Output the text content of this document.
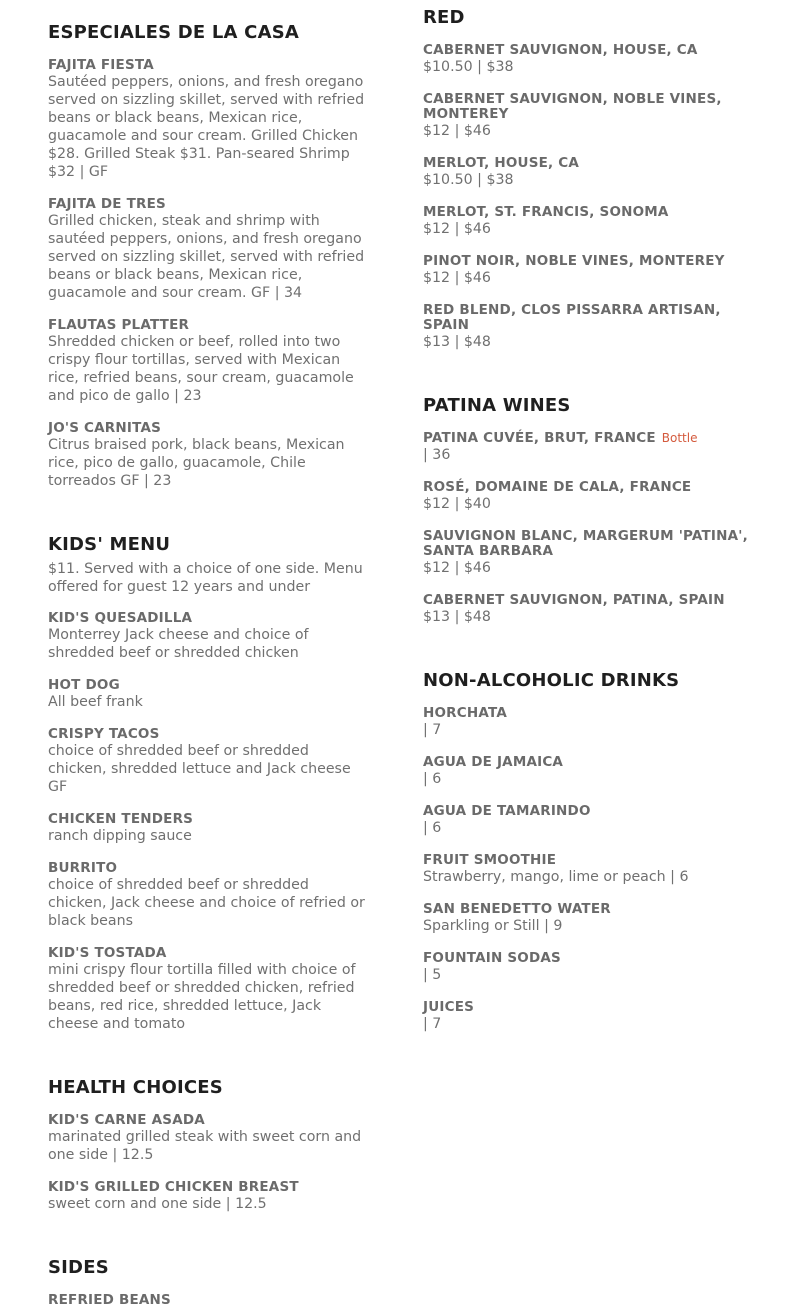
ESPECIALES DE LA CASA
FAJITA FIESTA
Sautéed peppers, onions, and fresh oregano served on sizzling skillet, served with refried beans or black beans, Mexican rice, guacamole and sour cream. Grilled Chicken $28. Grilled Steak $31. Pan-seared Shrimp $32 | GF
FAJITA DE TRES
Grilled chicken, steak and shrimp with sautéed peppers, onions, and fresh oregano served on sizzling skillet, served with refried beans or black beans, Mexican rice, guacamole and sour cream. GF | 34
FLAUTAS PLATTER
Shredded chicken or beef, rolled into two crispy flour tortillas, served with Mexican rice, refried beans, sour cream, guacamole and pico de gallo | 23
JO'S CARNITAS
Citrus braised pork, black beans, Mexican rice, pico de gallo, guacamole, Chile torreados GF | 23
KIDS' MENU
$11. Served with a choice of one side. Menu offered for guest 12 years and under
KID'S QUESADILLA
Monterrey Jack cheese and choice of shredded beef or shredded chicken
HOT DOG
All beef frank
CRISPY TACOS
choice of shredded beef or shredded chicken, shredded lettuce and Jack cheese GF
CHICKEN TENDERS
ranch dipping sauce
BURRITO
choice of shredded beef or shredded chicken, Jack cheese and choice of refried or black beans
KID'S TOSTADA
mini crispy flour tortilla filled with choice of shredded beef or shredded chicken, refried beans, red rice, shredded lettuce, Jack cheese and tomato
HEALTH CHOICES
KID'S CARNE ASADA
marinated grilled steak with sweet corn and one side | 12.5
KID'S GRILLED CHICKEN BREAST
sweet corn and one side | 12.5
SIDES
REFRIED BEANS
RED
CABERNET SAUVIGNON, HOUSE, CA
$10.50 | $38
CABERNET SAUVIGNON, NOBLE VINES, MONTEREY
$12 | $46
MERLOT, HOUSE, CA
$10.50 | $38
MERLOT, ST. FRANCIS, SONOMA
$12 | $46
PINOT NOIR, NOBLE VINES, MONTEREY
$12 | $46
RED BLEND, CLOS PISSARRA ARTISAN, SPAIN
$13 | $48
PATINA WINES
PATINA CUVÉE, BRUT, FRANCE Bottle
| 36
ROSÉ, DOMAINE DE CALA, FRANCE
$12 | $40
SAUVIGNON BLANC, MARGERUM 'PATINA', SANTA BARBARA
$12 | $46
CABERNET SAUVIGNON, PATINA, SPAIN
$13 | $48
NON-ALCOHOLIC DRINKS
HORCHATA
| 7
AGUA DE JAMAICA
| 6
AGUA DE TAMARINDO
| 6
FRUIT SMOOTHIE
Strawberry, mango, lime or peach | 6
SAN BENEDETTO WATER
Sparkling or Still | 9
FOUNTAIN SODAS
| 5
JUICES
| 7
